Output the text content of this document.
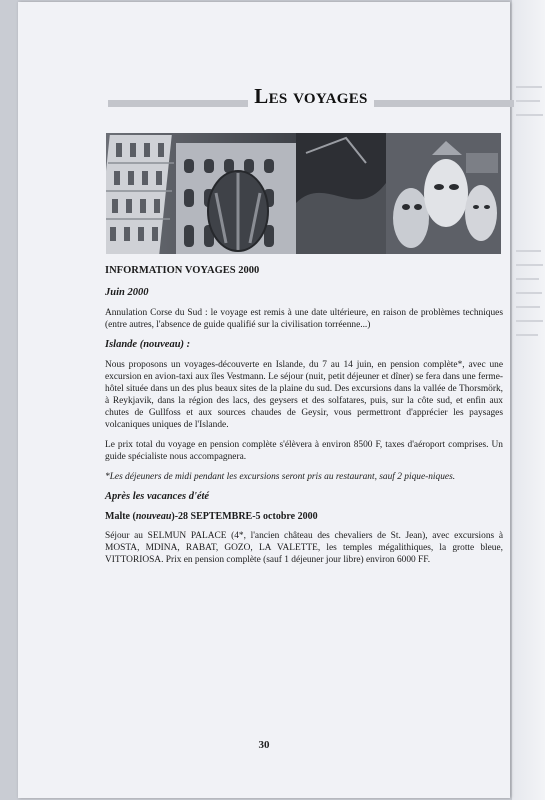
Les voyages
INFORMATION VOYAGES 2000
Juin 2000

Annulation Corse du Sud : le voyage est remis à une date ultérieure, en raison de problèmes techniques (entre autres, l'absence de guide qualifié sur la civilisation torréenne...)

Islande (nouveau) :

Nous proposons un voyages-découverte en Islande, du 7 au 14 juin, en pension complète*, avec une excursion en avion-taxi aux îles Vestmann. Le séjour (nuit, petit déjeuner et dîner) se fera dans une ferme-hôtel située dans un des plus beaux sites de la plaine du sud. Des excursions dans la vallée de Thorsmörk, à Reykjavik, dans la région des lacs, des geysers et des solfatares, puis, sur la côte sud, et enfin aux chutes de Gullfoss et aux sources chaudes de Geysir, vous permettront d'apprécier les paysages volcaniques uniques de l'Islande.

Le prix total du voyage en pension complète s'élèvera à environ 8500 F, taxes d'aéroport comprises. Un guide spécialiste nous accompagnera.

*Les déjeuners de midi pendant les excursions seront pris au restaurant, sauf 2 pique-niques.

Après les vacances d'été
Malte (nouveau)-28 SEPTEMBRE-5 octobre 2000

Séjour au SELMUN PALACE (4*, l'ancien château des chevaliers de St. Jean), avec excursions à MOSTA, MDINA, RABAT, GOZO, LA VALETTE, les temples mégalithiques, la grotte bleue, VITTORIOSA. Prix en pension complète (sauf 1 déjeuner jour libre) environ 6000 FF.

30
